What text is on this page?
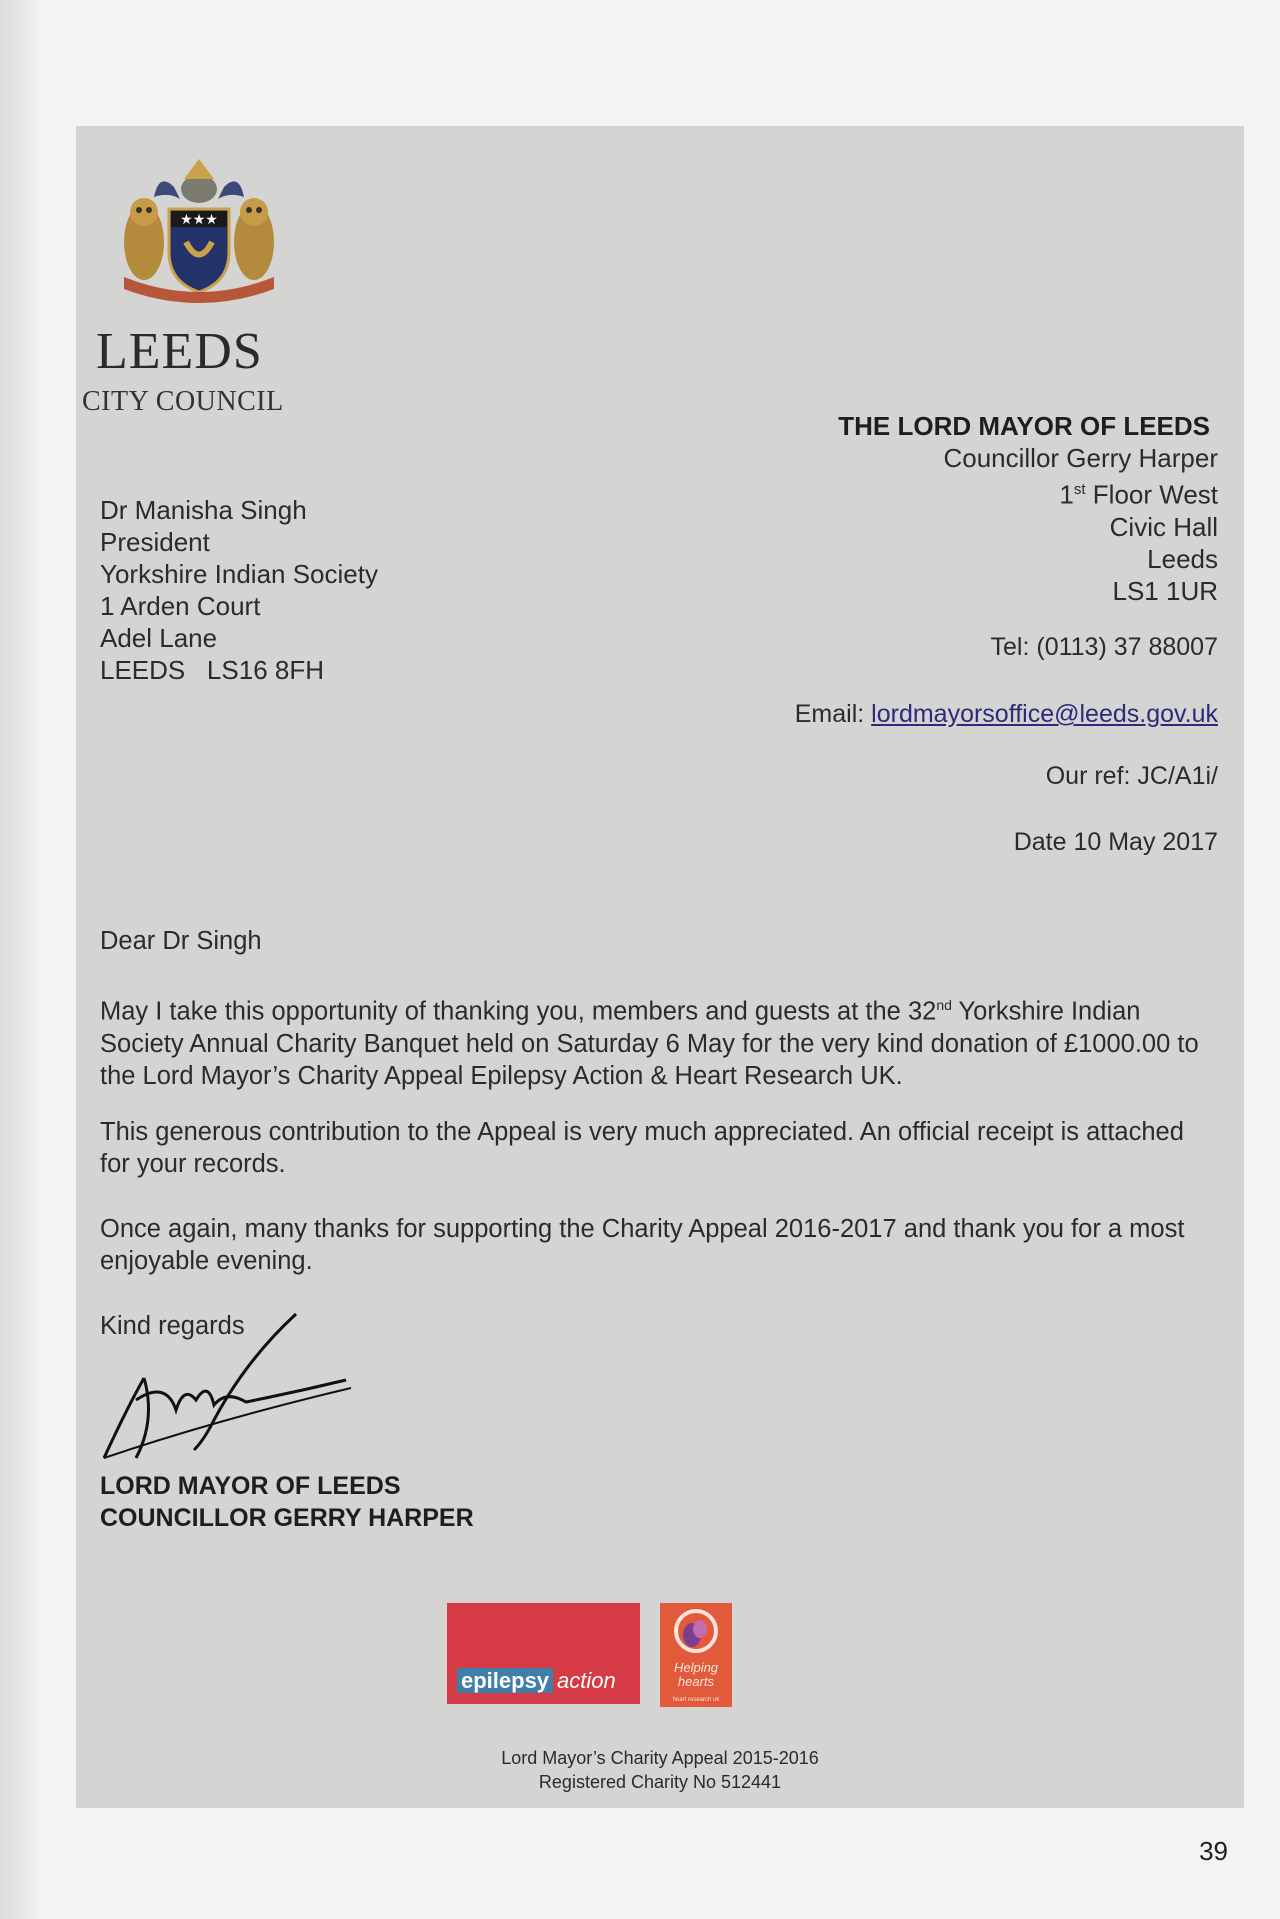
★★★
LEEDS
CITY COUNCIL
THE LORD MAYOR OF LEEDS
Councillor Gerry Harper
1st Floor West
Civic Hall
Leeds
LS1 1UR
Tel: (0113) 37 88007
Email: lordmayorsoffice@leeds.gov.uk
Our ref: JC/A1i/
Date 10 May 2017
Dr Manisha Singh
President
Yorkshire Indian Society
1 Arden Court
Adel Lane
LEEDS   LS16 8FH
Dear Dr Singh
May I take this opportunity of thanking you, members and guests at the 32nd Yorkshire Indian Society Annual Charity Banquet held on Saturday 6 May for the very kind donation of £1000.00 to the Lord Mayor’s Charity Appeal Epilepsy Action & Heart Research UK.
This generous contribution to the Appeal is very much appreciated. An official receipt is attached for your records.
Once again, many thanks for supporting the Charity Appeal 2016-2017 and thank you for a most enjoyable evening.
Kind regards
LORD MAYOR OF LEEDS
COUNCILLOR GERRY HARPER
epilepsy action
Helping
hearts
heart research uk
Lord Mayor’s Charity Appeal 2015-2016
Registered Charity No 512441
39
